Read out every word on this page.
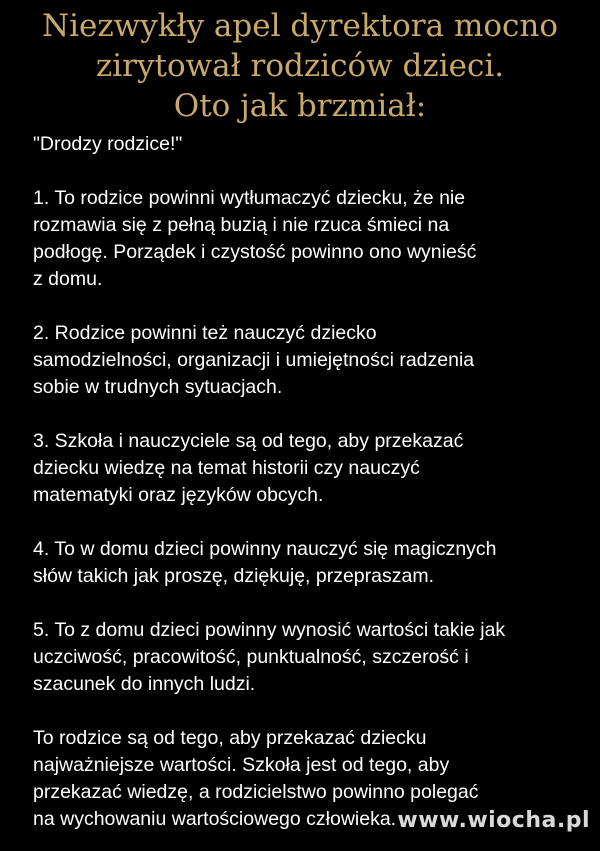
Niezwykły apel dyrektora mocno
zirytował rodziców dzieci.
Oto jak brzmiał:

"Drodzy rodzice!"

1. To rodzice powinni wytłumaczyć dziecku, że nie
rozmawia się z pełną buzią i nie rzuca śmieci na
podłogę. Porządek i czystość powinno ono wynieść
z domu.

2. Rodzice powinni też nauczyć dziecko
samodzielności, organizacji i umiejętności radzenia
sobie w trudnych sytuacjach.

3. Szkoła i nauczyciele są od tego, aby przekazać
dziecku wiedzę na temat historii czy nauczyć
matematyki oraz języków obcych.

4. To w domu dzieci powinny nauczyć się magicznych
słów takich jak proszę, dziękuję, przepraszam.

5. To z domu dzieci powinny wynosić wartości takie jak
uczciwość, pracowitość, punktualność, szczerość i
szacunek do innych ludzi.

To rodzice są od tego, aby przekazać dziecku
najważniejsze wartości. Szkoła jest od tego, aby
przekazać wiedzę, a rodzicielstwo powinno polegać
na wychowaniu wartościowego człowieka. www.wiocha.pl
